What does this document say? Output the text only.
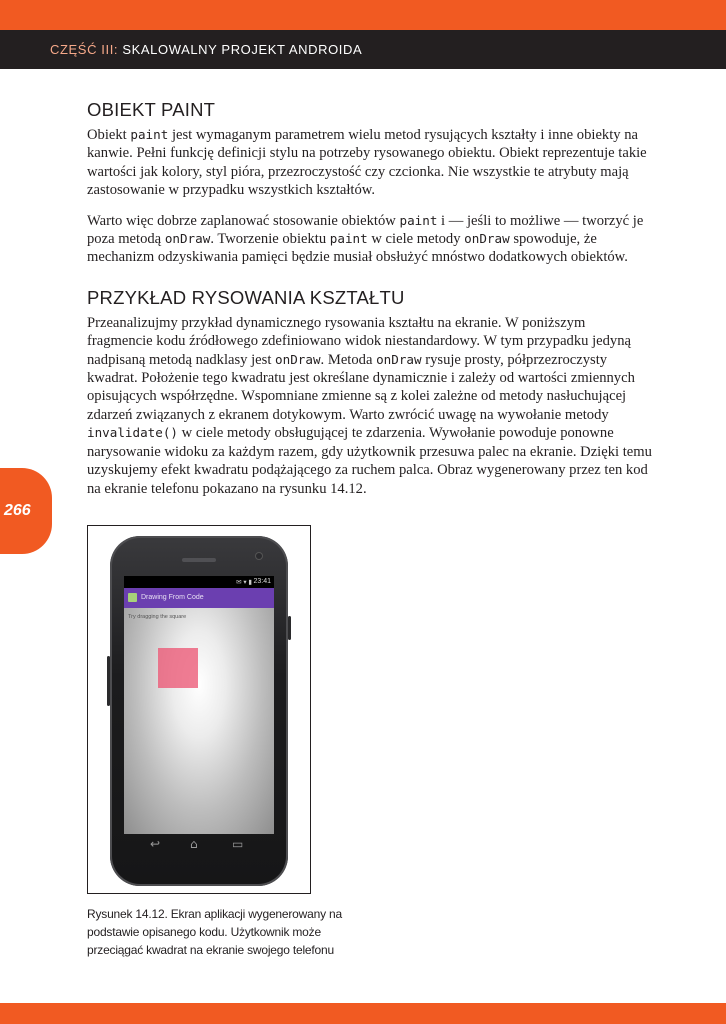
CZĘŚĆ III: SKALOWALNY PROJEKT ANDROIDA
266
OBIEKT PAINT

Obiekt paint jest wymaganym parametrem wielu metod rysujących kształty i inne obiekty na kanwie. Pełni funkcję definicji stylu na potrzeby rysowanego obiektu. Obiekt reprezentuje takie wartości jak kolory, styl pióra, przezroczystość czy czcionka. Nie wszystkie te atrybuty mają zastosowanie w przypadku wszystkich kształtów.

Warto więc dobrze zaplanować stosowanie obiektów paint i — jeśli to możliwe — tworzyć je poza metodą onDraw. Tworzenie obiektu paint w ciele metody onDraw spowoduje, że mechanizm odzyskiwania pamięci będzie musiał obsłużyć mnóstwo dodatkowych obiektów.

PRZYKŁAD RYSOWANIA KSZTAŁTU

Przeanalizujmy przykład dynamicznego rysowania kształtu na ekranie. W poniższym fragmencie kodu źródłowego zdefiniowano widok niestandardowy. W tym przypadku jedyną nadpisaną metodą nadklasy jest onDraw. Metoda onDraw rysuje prosty, półprzezroczysty kwadrat. Położenie tego kwadratu jest określane dynamicznie i zależy od wartości zmiennych opisujących współrzędne. Wspomniane zmienne są z kolei zależne od metody nasłuchującej zdarzeń związanych z ekranem dotykowym. Warto zwrócić uwagę na wywołanie metody invalidate() w ciele metody obsługującej te zdarzenia. Wywołanie powoduje ponowne narysowanie widoku za każdym razem, gdy użytkownik przesuwa palec na ekranie. Dzięki temu uzyskujemy efekt kwadratu podążającego za ruchem palca. Obraz wygenerowany przez ten kod na ekranie telefonu pokazano na rysunku 14.12.

✉ ▾ ▮ 23:41
Drawing From Code
Try dragging the square
↩ ⌂	▭
Rysunek 14.12. Ekran aplikacji wygenerowany na podstawie opisanego kodu. Użytkownik może przeciągać kwadrat na ekranie swojego telefonu
